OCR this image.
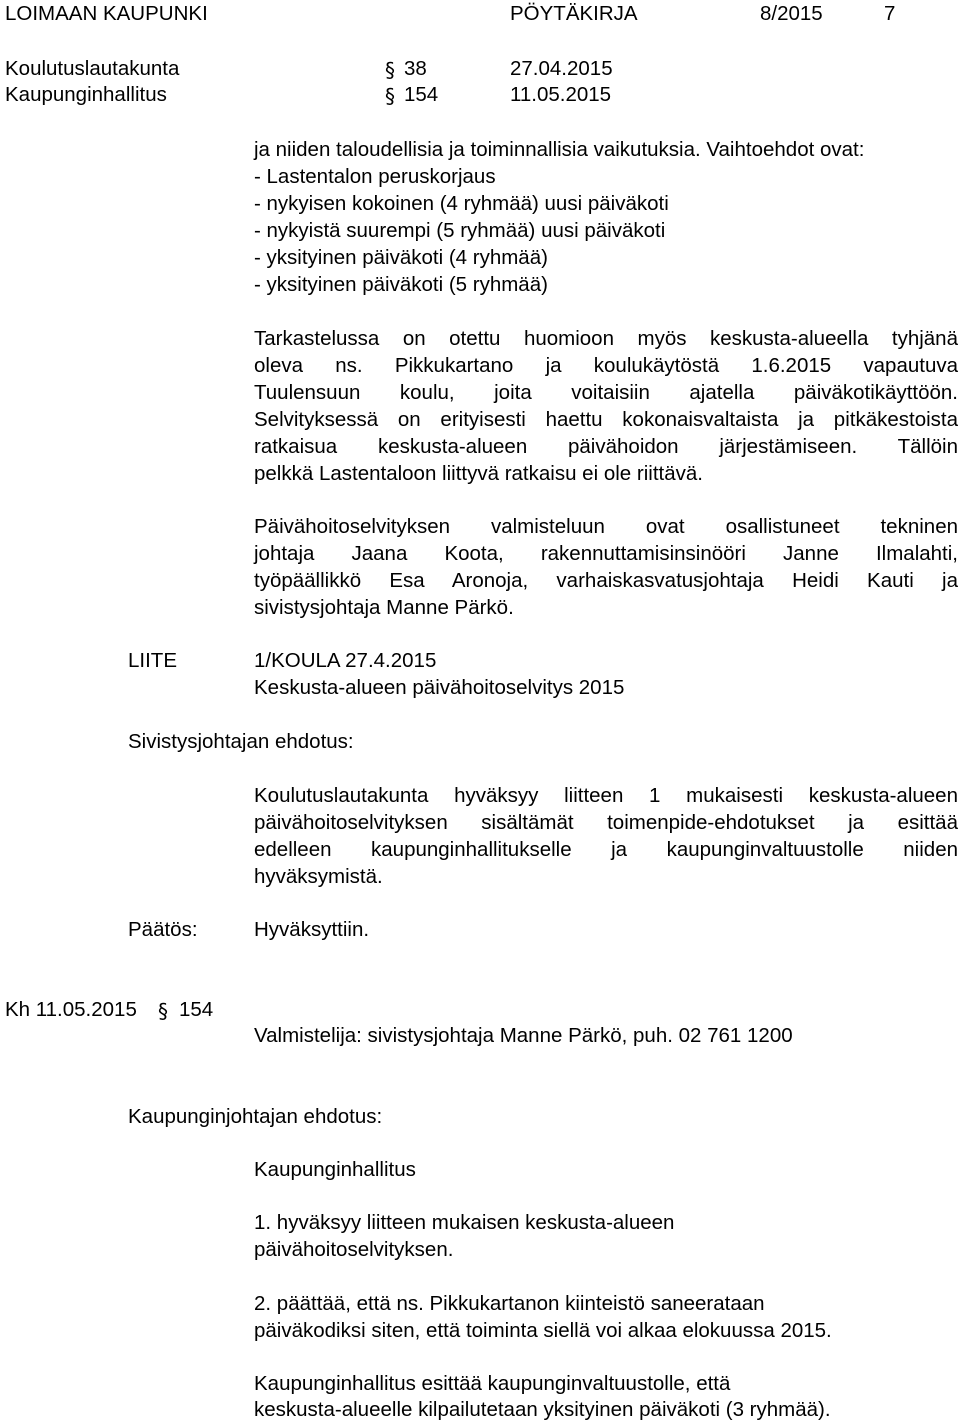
LOIMAAN KAUPUNKI	PÖYTÄKIRJA	8/2015	7
Koulutuslautakunta	§ 38	27.04.2015
Kaupunginhallitus	§ 154	11.05.2015
ja niiden taloudellisia ja toiminnallisia vaikutuksia. Vaihtoehdot ovat:
- Lastentalon peruskorjaus
- nykyisen kokoinen (4 ryhmää) uusi päiväkoti
- nykyistä suurempi (5 ryhmää) uusi päiväkoti
- yksityinen päiväkoti (4 ryhmää)
- yksityinen päiväkoti (5 ryhmää)
Tarkastelussa on otettu huomioon myös keskusta-alueella tyhjänä
oleva ns. Pikkukartano ja koulukäytöstä 1.6.2015 vapautuva
Tuulensuun koulu, joita voitaisiin ajatella päiväkotikäyttöön.
Selvityksessä on erityisesti haettu kokonaisvaltaista ja pitkäkestoista
ratkaisua keskusta-alueen päivähoidon järjestämiseen. Tällöin
pelkkä Lastentaloon liittyvä ratkaisu ei ole riittävä.
Päivähoitoselvityksen valmisteluun ovat osallistuneet tekninen
johtaja Jaana Koota, rakennuttamisinsinööri Janne Ilmalahti,
työpäällikkö Esa Aronoja, varhaiskasvatusjohtaja Heidi Kauti ja
sivistysjohtaja Manne Pärkö.
LIITE	1/KOULA 27.4.2015
Keskusta-alueen päivähoitoselvitys 2015
Sivistysjohtajan ehdotus:
Koulutuslautakunta hyväksyy liitteen 1 mukaisesti keskusta-alueen
päivähoitoselvityksen sisältämät toimenpide-ehdotukset ja esittää
edelleen kaupunginhallitukselle ja kaupunginvaltuustolle niiden
hyväksymistä.
Päätös:	Hyväksyttiin.
Kh 11.05.2015 § 154
Valmistelija: sivistysjohtaja Manne Pärkö, puh. 02 761 1200
Kaupunginjohtajan ehdotus:
Kaupunginhallitus
1. hyväksyy liitteen mukaisen keskusta-alueen
päivähoitoselvityksen.
2. päättää, että ns. Pikkukartanon kiinteistö saneerataan
päiväkodiksi siten, että toiminta siellä voi alkaa elokuussa 2015.
Kaupunginhallitus esittää kaupunginvaltuustolle, että
keskusta-alueelle kilpailutetaan yksityinen päiväkoti (3 ryhmää).
